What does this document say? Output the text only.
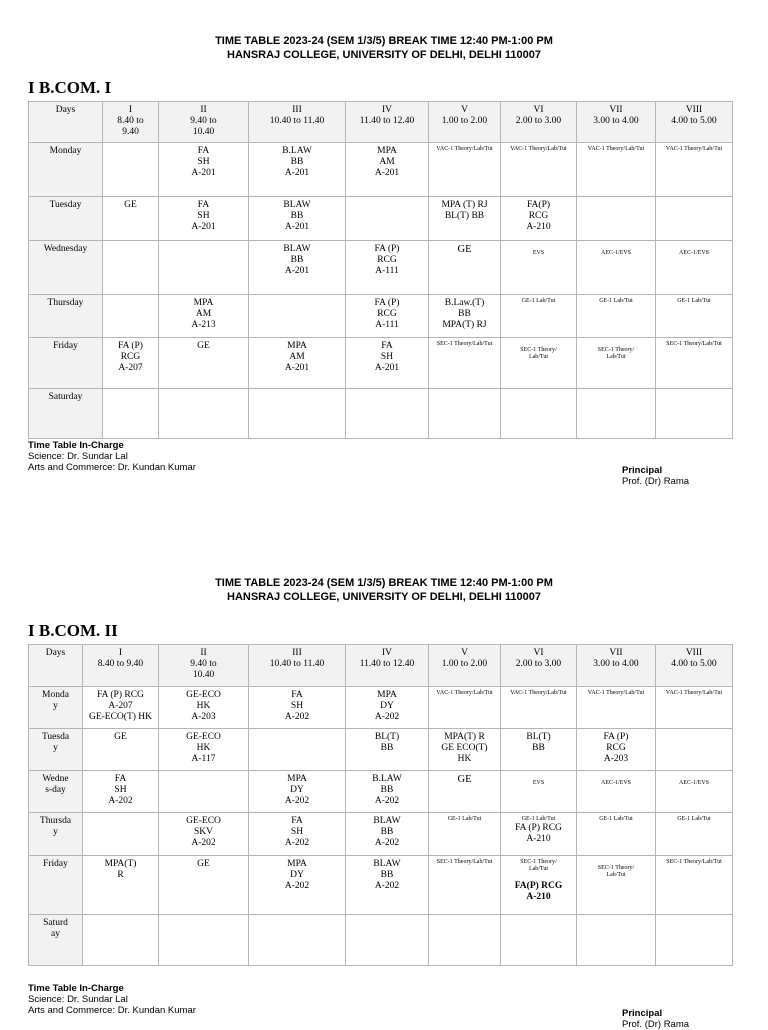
TIME TABLE 2023-24 (SEM 1/3/5) BREAK TIME 12:40 PM-1:00 PM
HANSRAJ COLLEGE, UNIVERSITY OF DELHI, DELHI 110007
I B.COM. I
Days	I
8.40 to
9.40	II
9.40 to
10.40	III
10.40 to 11.40	IV
11.40 to 12.40	V
1.00 to 2.00	VI
2.00 to 3.00	VII
3.00 to 4.00	VIII
4.00 to 5.00

Monday		FA
SH
A-201	B.LAW
BB
A-201	MPA
AM
A-201	VAC-1 Theory/Lab/Tut	VAC-1 Theory/Lab/Tut	VAC-1 Theory/Lab/Tut	VAC-1 Theory/Lab/Tut

Tuesday	GE	FA
SH
A-201	BLAW
BB
A-201		MPA (T) RJ
BL(T) BB	FA(P)
RCG
A-210		
Wednesday			BLAW
BB
A-201	FA (P)
RCG
A-111	GE	EVS	AEC-1/EVS	AEC-1/EVS

Thursday		MPA
AM
A-213		FA (P)
RCG
A-111	B.Law.(T)
BB
MPA(T) RJ	GE-1 Lab/Tut	GE-1 Lab/Tut	GE-1 Lab/Tut

Friday	FA (P)
RCG
A-207	GE	MPA
AM
A-201	FA
SH
A-201	SEC-1 Theory/Lab/Tut	SEC-1 Theory/
Lab/Tut	SEC-1 Theory/
Lab/Tut	SEC-1 Theory/Lab/Tut

Saturday								
Time Table In-Charge
Science: Dr. Sundar Lal
Arts and Commerce: Dr. Kundan Kumar	Principal
Prof. (Dr) Rama
TIME TABLE 2023-24 (SEM 1/3/5) BREAK TIME 12:40 PM-1:00 PM
HANSRAJ COLLEGE, UNIVERSITY OF DELHI, DELHI 110007
I B.COM. II
Days	I
8.40 to 9.40	II
9.40 to
10.40	III
10.40 to 11.40	IV
11.40 to 12.40	V
1.00 to 2.00	VI
2.00 to 3.00	VII
3.00 to 4.00	VIII
4.00 to 5.00

Monda
y	FA (P) RCG
A-207
GE-ECO(T) HK	GE-ECO
HK
A-203	FA
SH
A-202	MPA
DY
A-202	VAC-1 Theory/Lab/Tut	VAC-1 Theory/Lab/Tut	VAC-1 Theory/Lab/Tut	VAC-1 Theory/Lab/Tut

Tuesda
y	GE	GE-ECO
HK
A-117		BL(T)
BB	MPA(T) R
GE ECO(T)
HK	BL(T)
BB	FA (P)
RCG
A-203	
Wedne
s-day	FA
SH
A-202		MPA
DY
A-202	B.LAW
BB
A-202	GE	EVS	AEC-1/EVS	AEC-1/EVS

Thursda
y		GE-ECO
SKV
A-202	FA
SH
A-202	BLAW
BB
A-202	GE-1 Lab/Tut	GE-1 Lab/Tut
FA (P) RCG
A-210	GE-1 Lab/Tut	GE-1 Lab/Tut

Friday	MPA(T)
R	GE	MPA
DY
A-202	BLAW
BB
A-202	SEC-1 Theory/Lab/Tut	SEC-1 Theory/
Lab/Tut
FA(P) RCG
A-210	SEC-1 Theory/
Lab/Tut	SEC-1 Theory/Lab/Tut

Saturd
ay								
Time Table In-Charge
Science: Dr. Sundar Lal
Arts and Commerce: Dr. Kundan Kumar	Principal
Prof. (Dr) Rama
